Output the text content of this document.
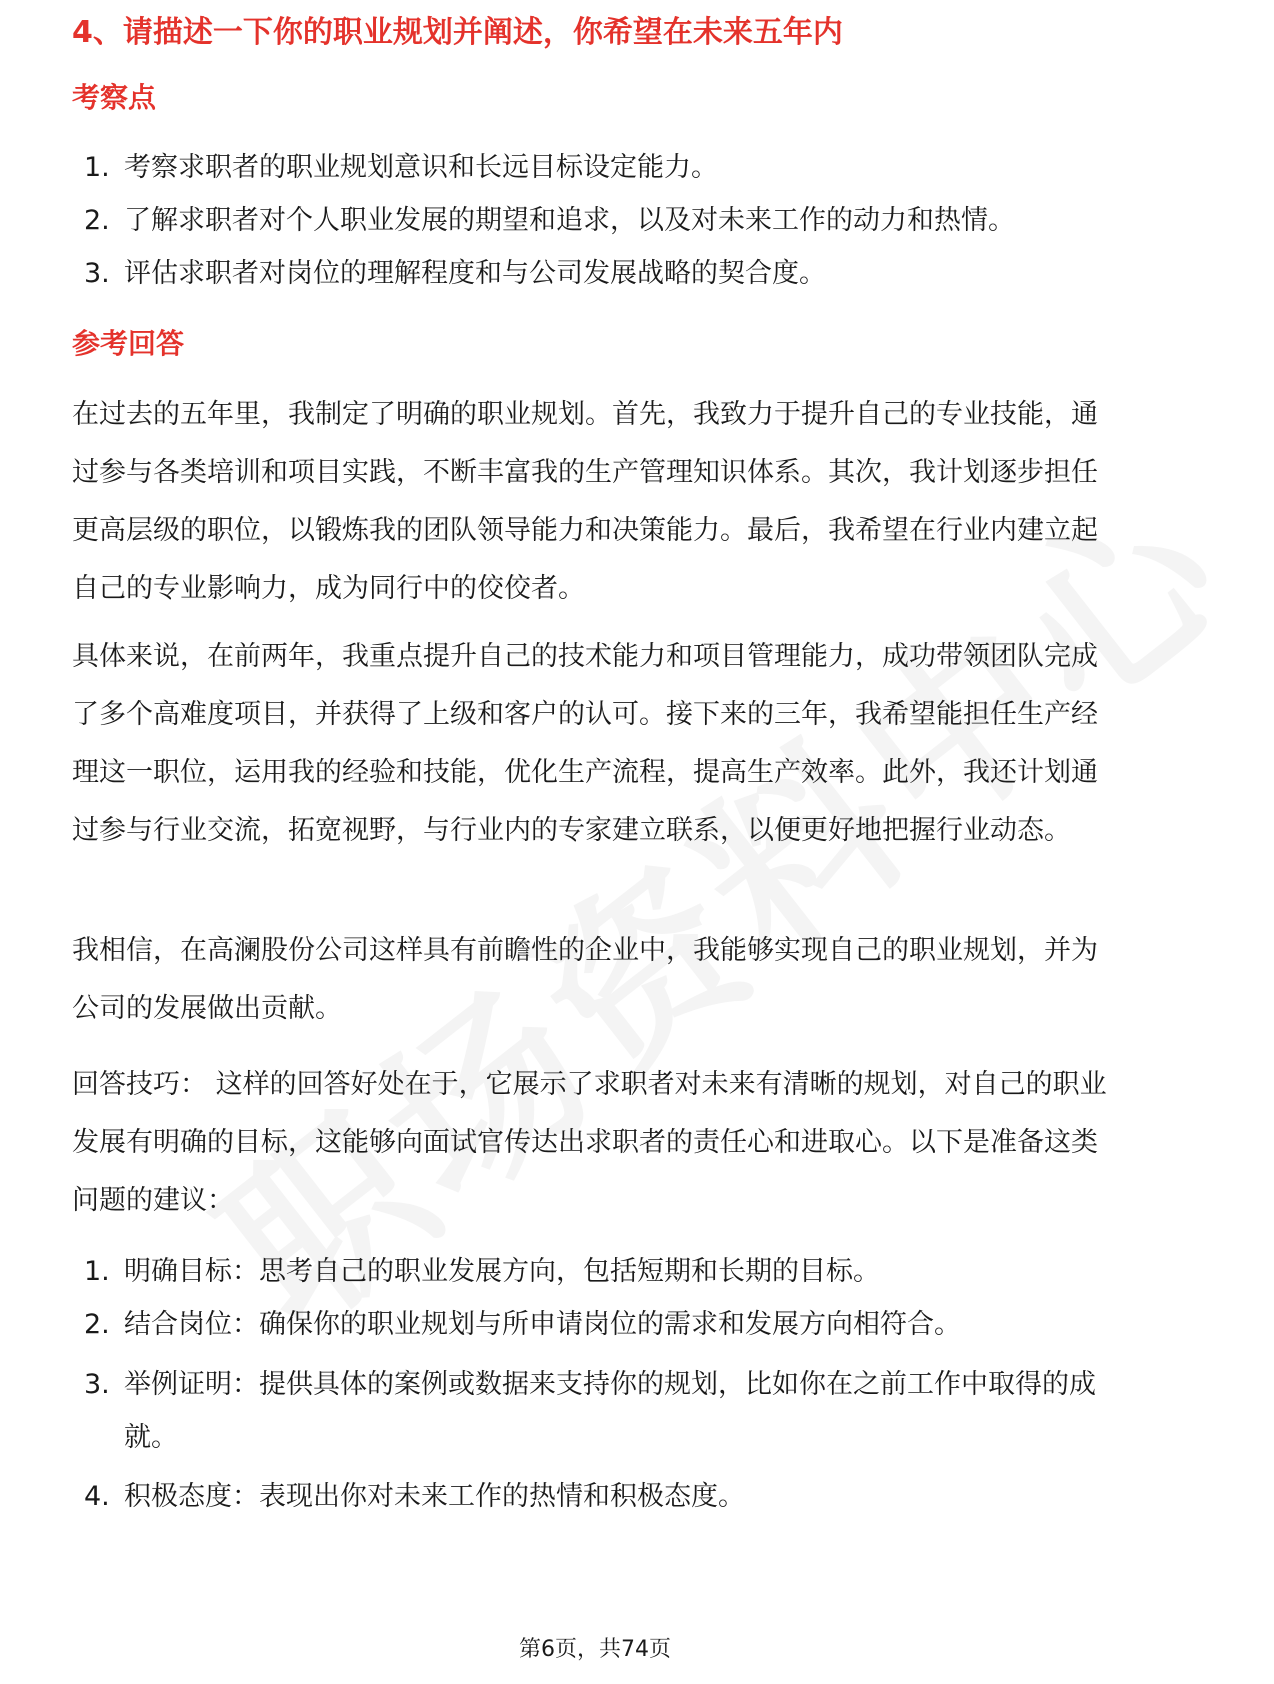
4、请描述一下你的职业规划并阐述，你希望在未来五年内
考察点
1. 考察求职者的职业规划意识和长远目标设定能力。
2. 了解求职者对个人职业发展的期望和追求，以及对未来工作的动力和热情。
3. 评估求职者对岗位的理解程度和与公司发展战略的契合度。
参考回答

在过去的五年里，我制定了明确的职业规划。首先，我致力于提升自己的专业技能，通过参与各类培训和项目实践，不断丰富我的生产管理知识体系。其次，我计划逐步担任更高层级的职位，以锻炼我的团队领导能力和决策能力。最后，我希望在行业内建立起自己的专业影响力，成为同行中的佼佼者。

具体来说，在前两年，我重点提升自己的技术能力和项目管理能力，成功带领团队完成了多个高难度项目，并获得了上级和客户的认可。接下来的三年，我希望能担任生产经理这一职位，运用我的经验和技能，优化生产流程，提高生产效率。此外，我还计划通过参与行业交流，拓宽视野，与行业内的专家建立联系，以便更好地把握行业动态。

我相信，在高澜股份公司这样具有前瞻性的企业中，我能够实现自己的职业规划，并为公司的发展做出贡献。

回答技巧： 这样的回答好处在于，它展示了求职者对未来有清晰的规划，对自己的职业发展有明确的目标，这能够向面试官传达出求职者的责任心和进取心。以下是准备这类问题的建议：

1. 明确目标：思考自己的职业发展方向，包括短期和长期的目标。
2. 结合岗位：确保你的职业规划与所申请岗位的需求和发展方向相符合。
3. 举例证明：提供具体的案例或数据来支持你的规划，比如你在之前工作中取得的成就。
4. 积极态度：表现出你对未来工作的热情和积极态度。
第6页，共74页
